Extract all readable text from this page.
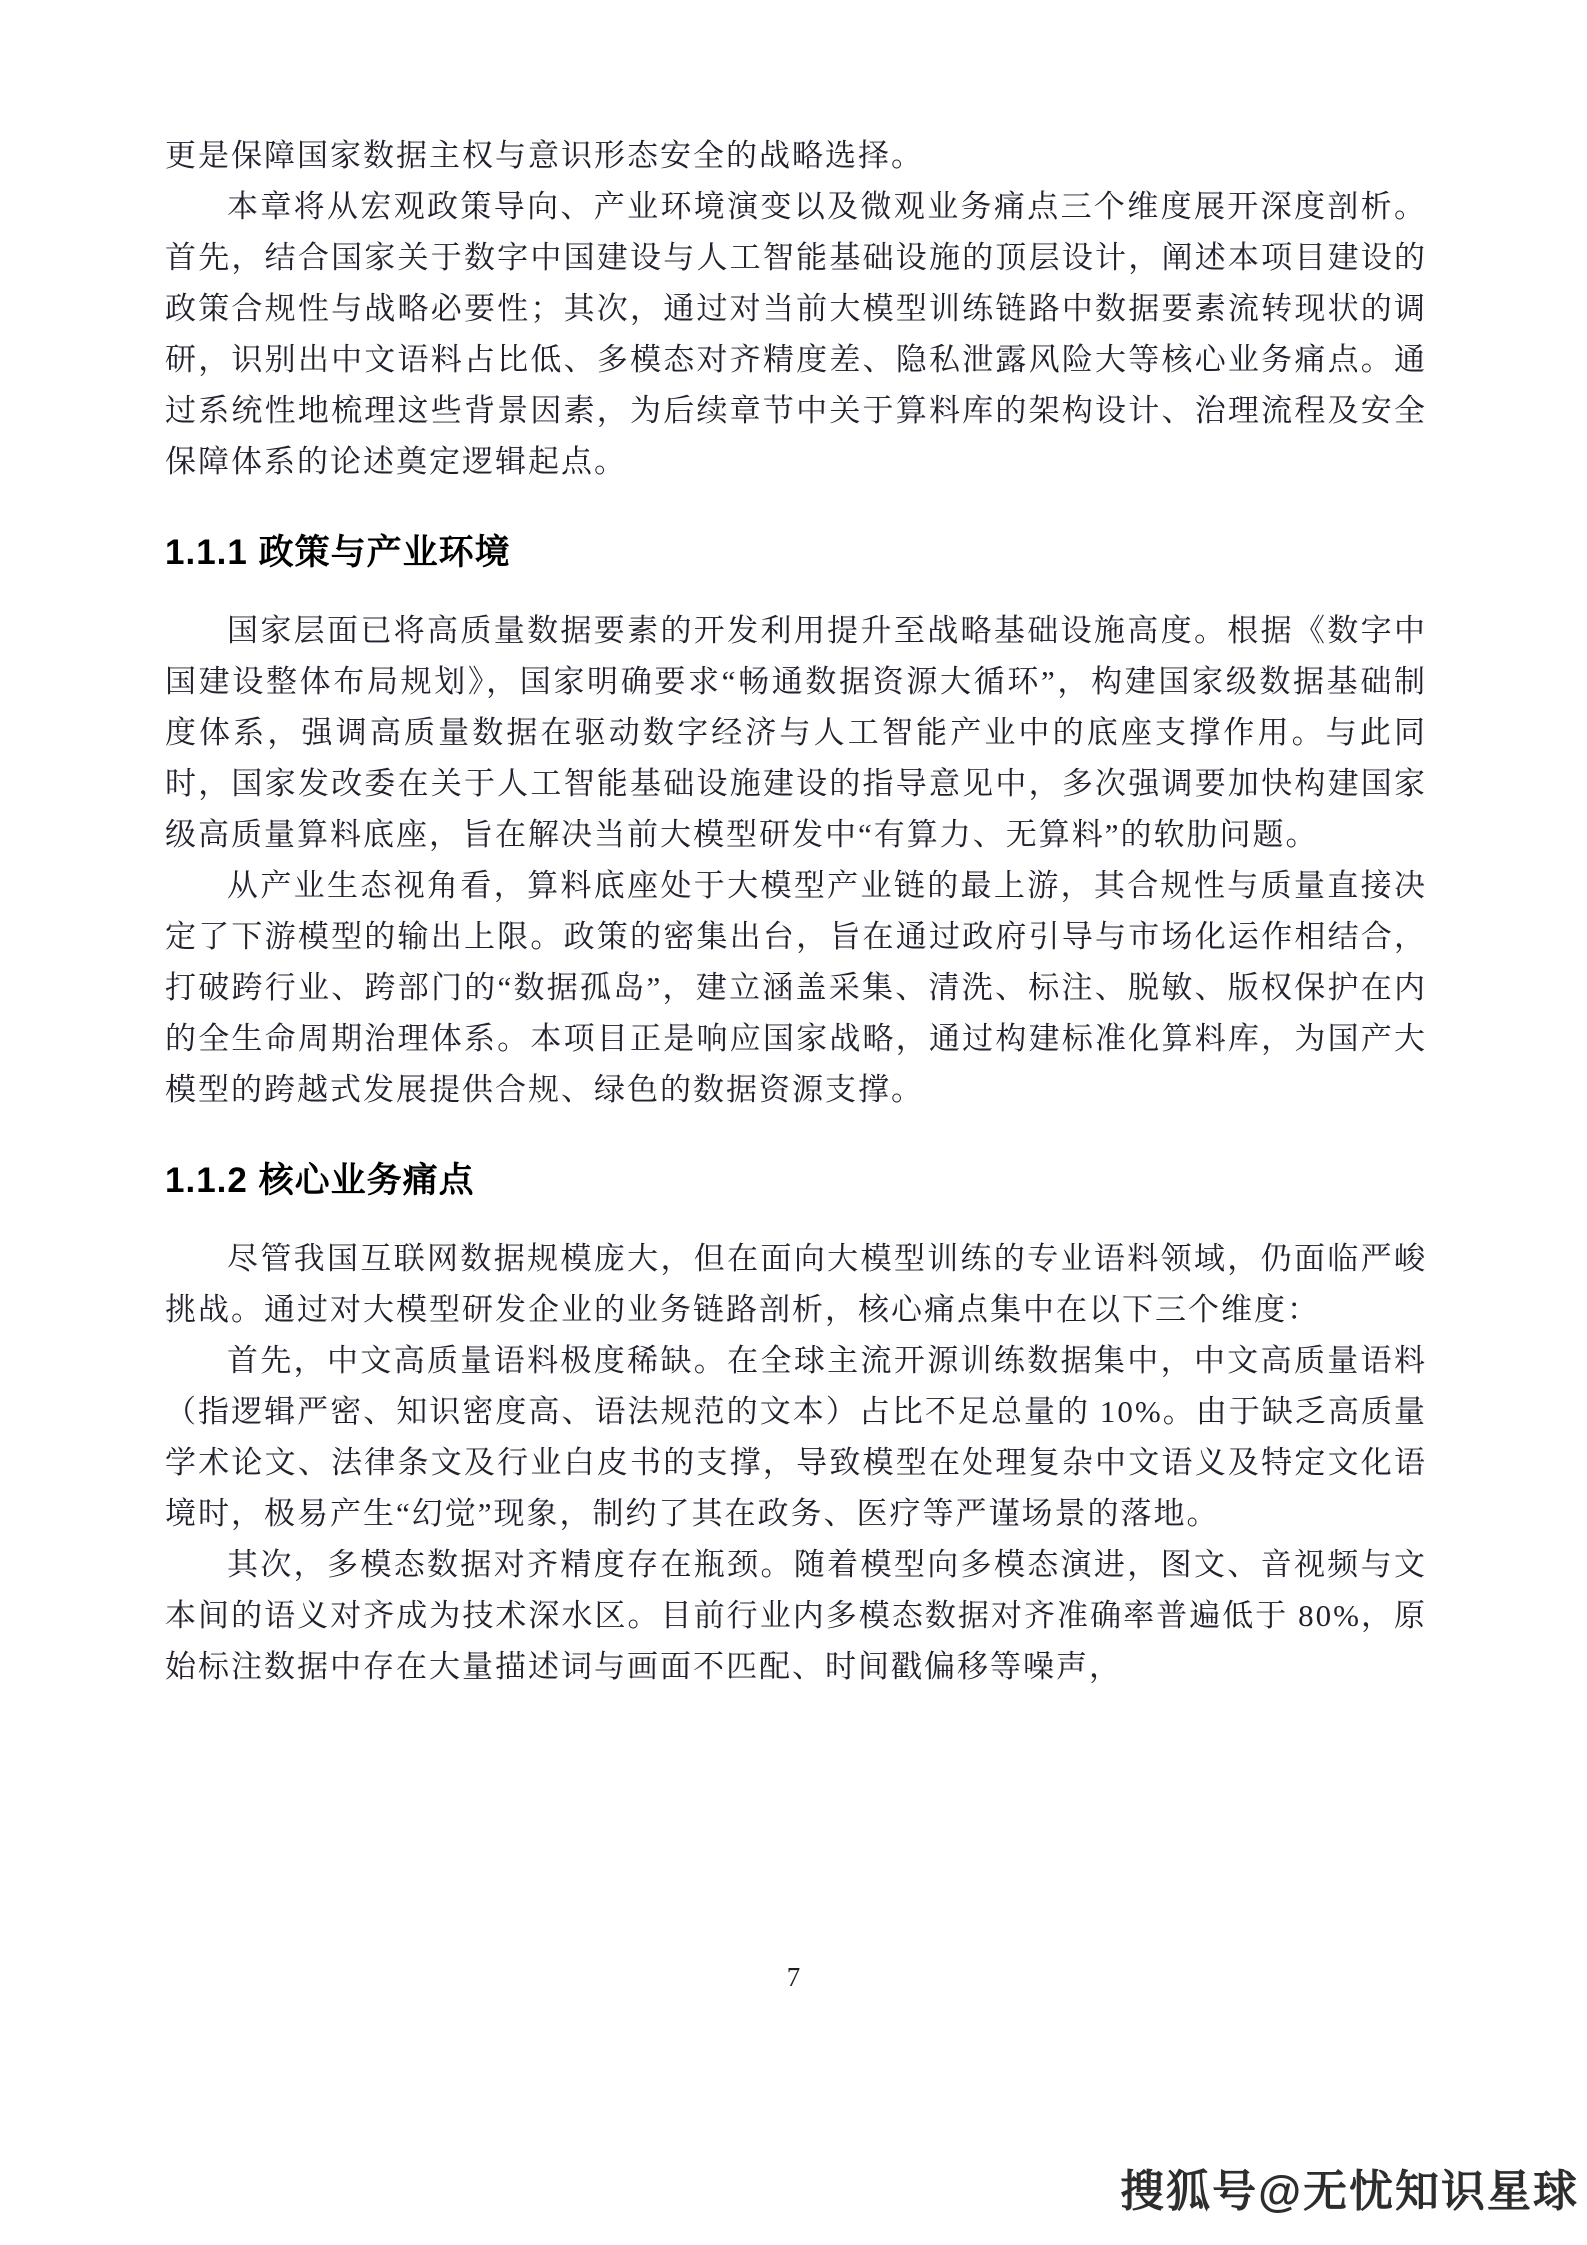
更是保障国家数据主权与意识形态安全的战略选择。

本章将从宏观政策导向、产业环境演变以及微观业务痛点三个维度展开深度剖析。首先，结合国家关于数字中国建设与人工智能基础设施的顶层设计，阐述本项目建设的政策合规性与战略必要性；其次，通过对当前大模型训练链路中数据要素流转现状的调研，识别出中文语料占比低、多模态对齐精度差、隐私泄露风险大等核心业务痛点。通过系统性地梳理这些背景因素，为后续章节中关于算料库的架构设计、治理流程及安全保障体系的论述奠定逻辑起点。

1.1.1 政策与产业环境

国家层面已将高质量数据要素的开发利用提升至战略基础设施高度。根据《数字中国建设整体布局规划》，国家明确要求“畅通数据资源大循环”，构建国家级数据基础制度体系，强调高质量数据在驱动数字经济与人工智能产业中的底座支撑作用。与此同时，国家发改委在关于人工智能基础设施建设的指导意见中，多次强调要加快构建国家级高质量算料底座，旨在解决当前大模型研发中“有算力、无算料”的软肋问题。

从产业生态视角看，算料底座处于大模型产业链的最上游，其合规性与质量直接决定了下游模型的输出上限。政策的密集出台，旨在通过政府引导与市场化运作相结合，打破跨行业、跨部门的“数据孤岛”，建立涵盖采集、清洗、标注、脱敏、版权保护在内的全生命周期治理体系。本项目正是响应国家战略，通过构建标准化算料库，为国产大模型的跨越式发展提供合规、绿色的数据资源支撑。

1.1.2 核心业务痛点

尽管我国互联网数据规模庞大，但在面向大模型训练的专业语料领域，仍面临严峻挑战。通过对大模型研发企业的业务链路剖析，核心痛点集中在以下三个维度：

首先，中文高质量语料极度稀缺。在全球主流开源训练数据集中，中文高质量语料（指逻辑严密、知识密度高、语法规范的文本）占比不足总量的 10%。由于缺乏高质量学术论文、法律条文及行业白皮书的支撑，导致模型在处理复杂中文语义及特定文化语境时，极易产生“幻觉”现象，制约了其在政务、医疗等严谨场景的落地。

其次，多模态数据对齐精度存在瓶颈。随着模型向多模态演进，图文、音视频与文本间的语义对齐成为技术深水区。目前行业内多模态数据对齐准确率普遍低于 80%，原始标注数据中存在大量描述词与画面不匹配、时间戳偏移等噪声，

7
搜狐号@无忧知识星球
